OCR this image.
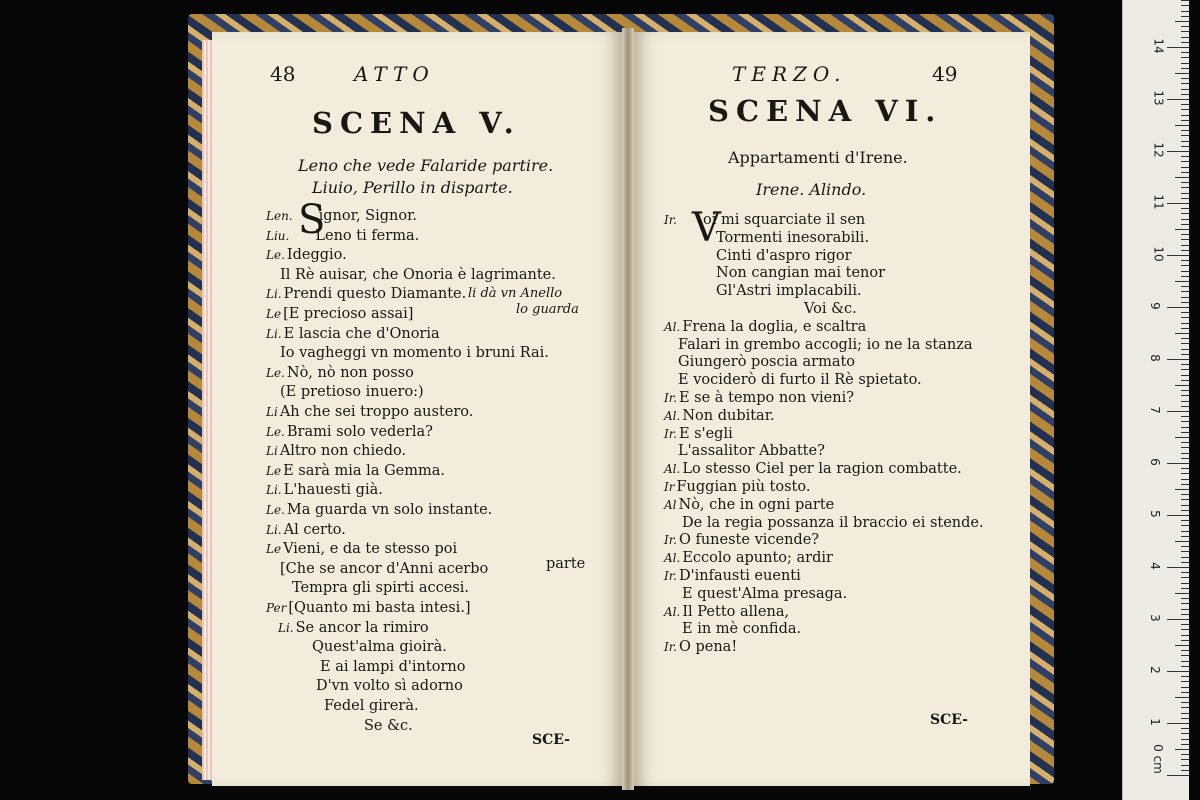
48	ATTO
SCENA V.
Leno che vede Falaride partire.
Liuio, Perillo in disparte.
S
Len. ignor, Signor.
Liu. Leno ti ferma.
Le. Ideggio.
Il Rè auisar, che Onoria è lagrimante.
Li. Prendi questo Diamante.
Le [E precioso assai]
Li. E lascia che d'Onoria
Io vagheggi vn momento i bruni Rai.
Le. Nò, nò non posso
(E pretioso inuero:)
Li Ah che sei troppo austero.
Le. Brami solo vederla?
Li Altro non chiedo.
Le E sarà mia la Gemma.
Li. L'hauesti già.
Le. Ma guarda vn solo instante.
Li. Al certo.
Le Vieni, e da te stesso poi
[Che se ancor d'Anni acerbo
Tempra gli spirti accesi.
Per [Quanto mi basta intesi.]
Li. Se ancor la rimiro
Quest'alma gioirà.
E ai lampi d'intorno
D'vn volto sì adorno
Fedel girerà.
Se &c.
li dà vn Anello
lo guarda
parte
SCE-
TERZO.	49
SCENA VI.
Appartamenti d'Irene.
Irene. Alindo.
V
Ir. oi mi squarciate il sen
Tormenti inesorabili.
Cinti d'aspro rigor
Non cangian mai tenor
Gl'Astri implacabili.
Voi &c.
Al. Frena la doglia, e scaltra
Falari in grembo accogli; io ne la stanza
Giungerò poscia armato
E vociderò di furto il Rè spietato.
Ir. E se à tempo non vieni?
Al. Non dubitar.
Ir. E s'egli
L'assalitor Abbatte?
Al. Lo stesso Ciel per la ragion combatte.
Ir Fuggian più tosto.
Al Nò, che in ogni parte
De la regia possanza il braccio ei stende.
Ir. O funeste vicende?
Al. Eccolo apunto; ardir
Ir. D'infausti euenti
E quest'Alma presaga.
Al. Il Petto allena,
E in mè confida.
Ir. O pena!
SCE-
14
13
12
11
10
9
8
7
6
5
4
3
2
1
0 cm
